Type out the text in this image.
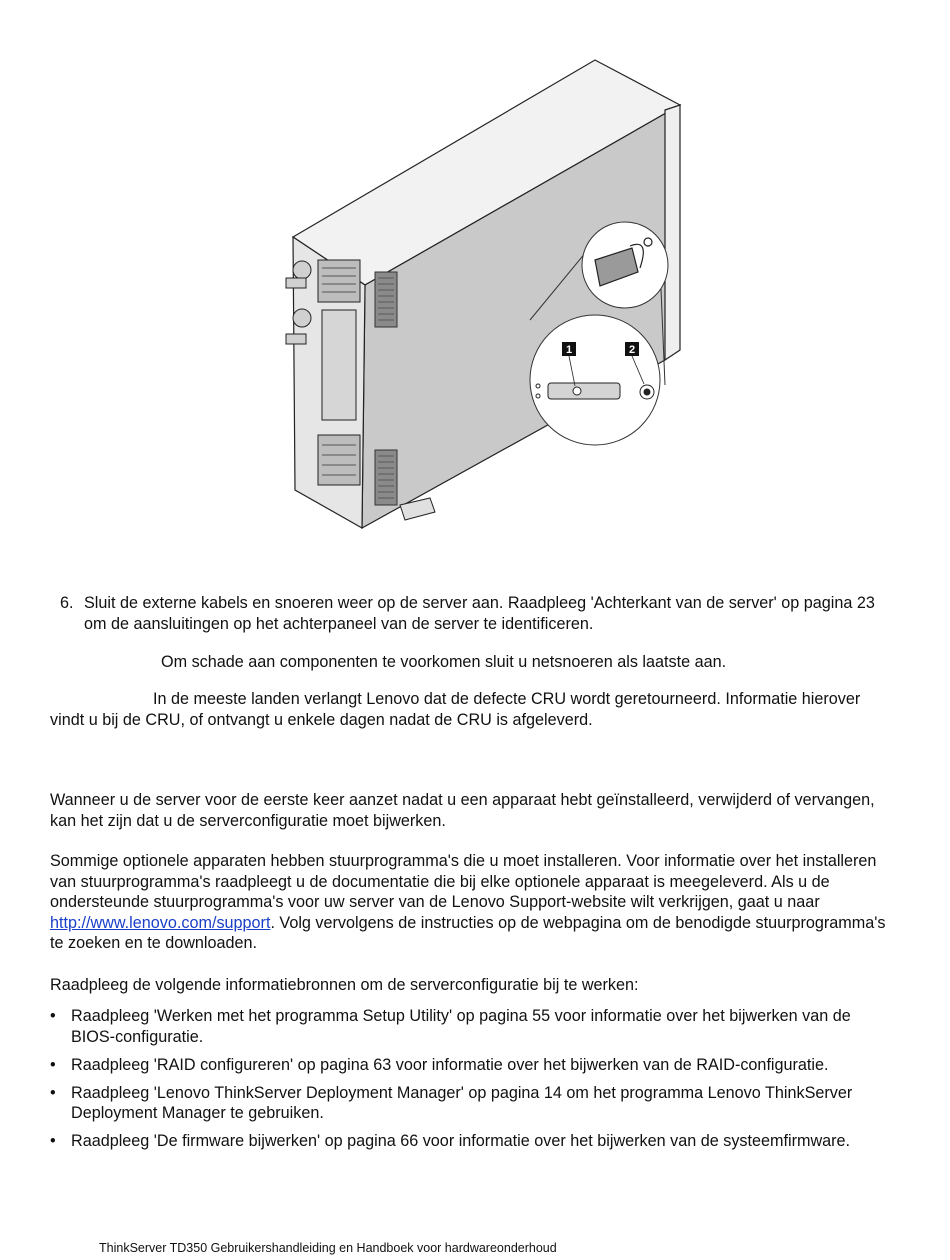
1	2
6. Sluit de externe kabels en snoeren weer op de server aan. Raadpleeg 'Achterkant van de server' op pagina 23 om de aansluitingen op het achterpaneel van de server te identificeren.

Om schade aan componenten te voorkomen sluit u netsnoeren als laatste aan.

In de meeste landen verlangt Lenovo dat de defecte CRU wordt geretourneerd. Informatie hierover vindt u bij de CRU, of ontvangt u enkele dagen nadat de CRU is afgeleverd.

Wanneer u de server voor de eerste keer aanzet nadat u een apparaat hebt geïnstalleerd, verwijderd of vervangen, kan het zijn dat u de serverconfiguratie moet bijwerken.

Sommige optionele apparaten hebben stuurprogramma's die u moet installeren. Voor informatie over het installeren van stuurprogramma's raadpleegt u de documentatie die bij elke optionele apparaat is meegeleverd. Als u de ondersteunde stuurprogramma's voor uw server van de Lenovo Support-website wilt verkrijgen, gaat u naar http://www.lenovo.com/support. Volg vervolgens de instructies op de webpagina om de benodigde stuurprogramma's te zoeken en te downloaden.

Raadpleeg de volgende informatiebronnen om de serverconfiguratie bij te werken:

• Raadpleeg 'Werken met het programma Setup Utility' op pagina 55 voor informatie over het bijwerken van de BIOS-configuratie.
• Raadpleeg 'RAID configureren' op pagina 63 voor informatie over het bijwerken van de RAID-configuratie.
• Raadpleeg 'Lenovo ThinkServer Deployment Manager' op pagina 14 om het programma Lenovo ThinkServer Deployment Manager te gebruiken.
• Raadpleeg 'De firmware bijwerken' op pagina 66 voor informatie over het bijwerken van de systeemfirmware.
ThinkServer TD350 Gebruikershandleiding en Handboek voor hardwareonderhoud
